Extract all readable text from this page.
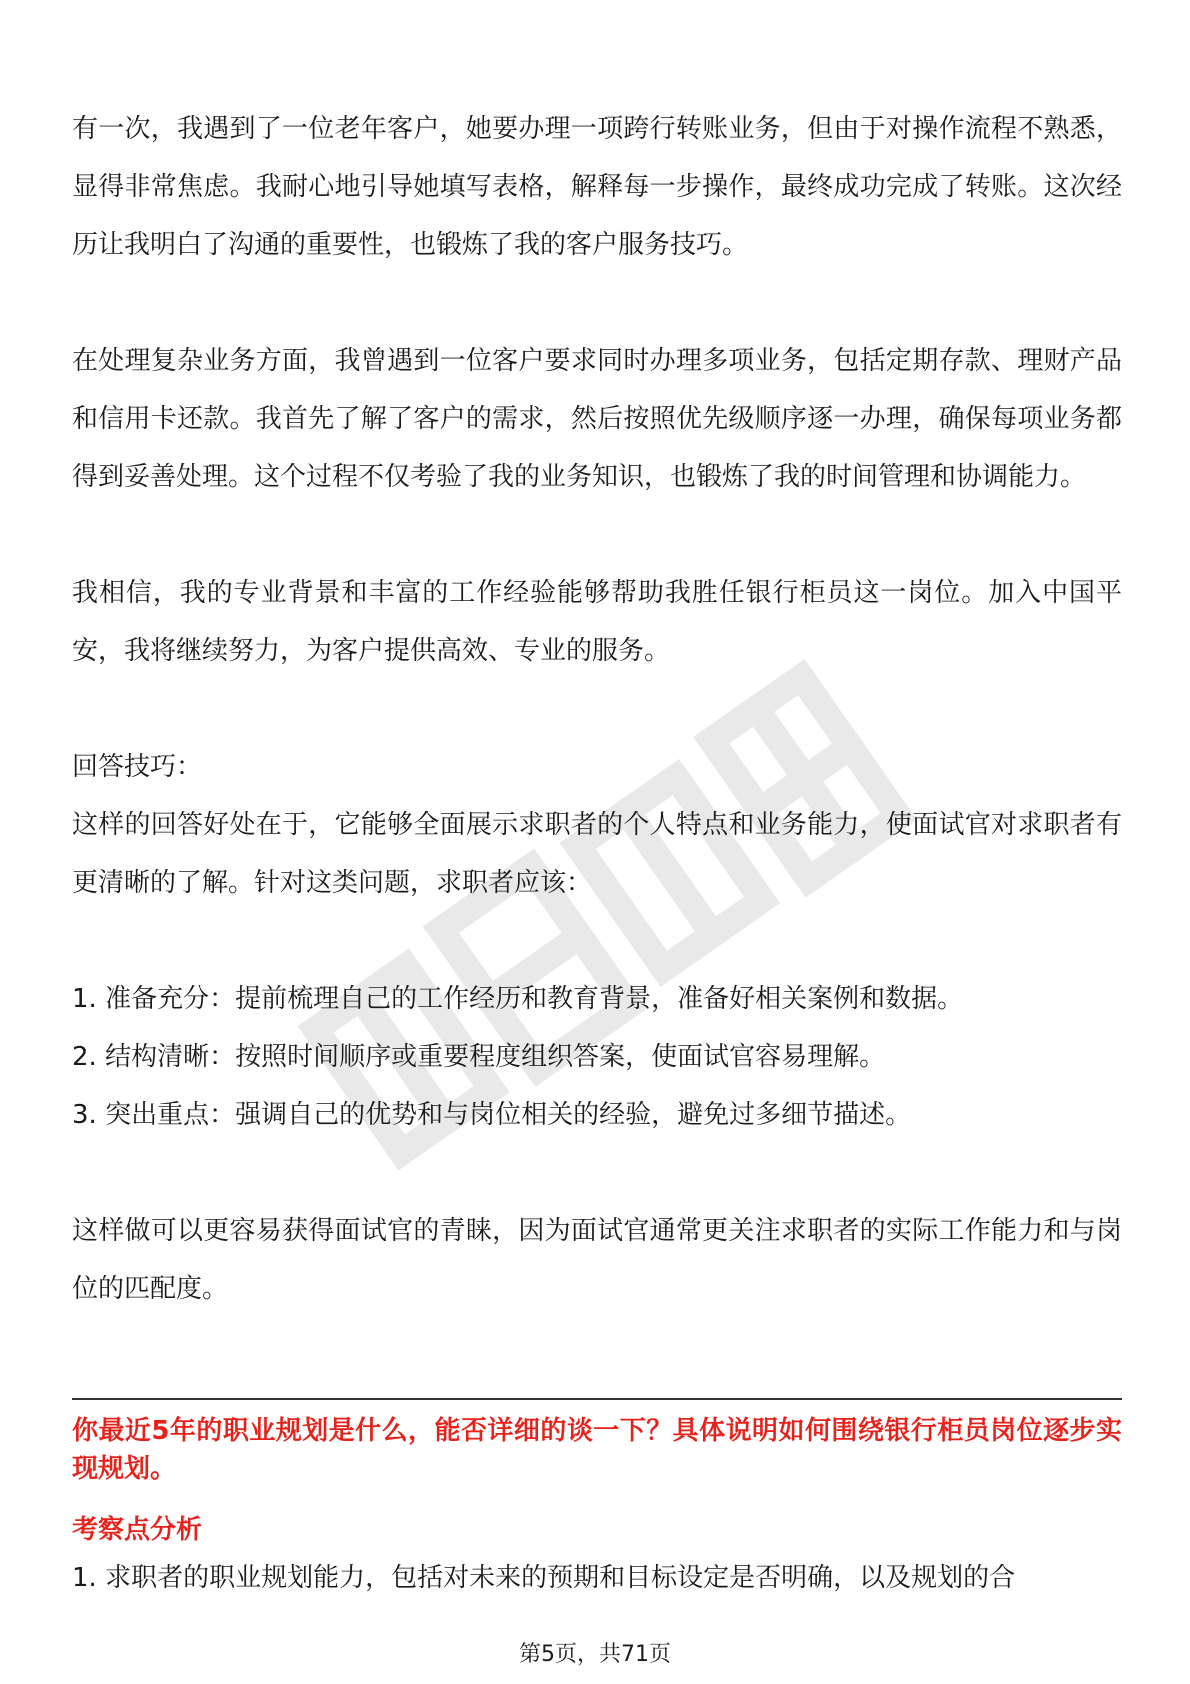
有一次，我遇到了一位老年客户，她要办理一项跨行转账业务，但由于对操作流程不熟悉，显得非常焦虑。我耐心地引导她填写表格，解释每一步操作，最终成功完成了转账。这次经历让我明白了沟通的重要性，也锻炼了我的客户服务技巧。

在处理复杂业务方面，我曾遇到一位客户要求同时办理多项业务，包括定期存款、理财产品和信用卡还款。我首先了解了客户的需求，然后按照优先级顺序逐一办理，确保每项业务都得到妥善处理。这个过程不仅考验了我的业务知识，也锻炼了我的时间管理和协调能力。

我相信，我的专业背景和丰富的工作经验能够帮助我胜任银行柜员这一岗位。加入中国平安，我将继续努力，为客户提供高效、专业的服务。

回答技巧：

这样的回答好处在于，它能够全面展示求职者的个人特点和业务能力，使面试官对求职者有更清晰的了解。针对这类问题，求职者应该：

1. 准备充分：提前梳理自己的工作经历和教育背景，准备好相关案例和数据。

2. 结构清晰：按照时间顺序或重要程度组织答案，使面试官容易理解。

3. 突出重点：强调自己的优势和与岗位相关的经验，避免过多细节描述。

这样做可以更容易获得面试官的青睐，因为面试官通常更关注求职者的实际工作能力和与岗位的匹配度。

你最近5年的职业规划是什么，能否详细的谈一下？具体说明如何围绕银行柜员岗位逐步实现规划。

考察点分析

1. 求职者的职业规划能力，包括对未来的预期和目标设定是否明确，以及规划的合

第5页，共71页
